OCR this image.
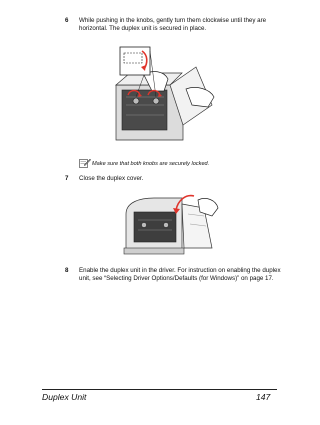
6 While pushing in the knobs, gently turn them clockwise until they are
horizontal. The duplex unit is secured in place.
Make sure that both knobs are securely locked.
7 Close the duplex cover.
8 Enable the duplex unit in the driver. For instruction on enabling the duplex
unit, see “Selecting Driver Options/Defaults (for Windows)” on page 17.
Duplex Unit	147
